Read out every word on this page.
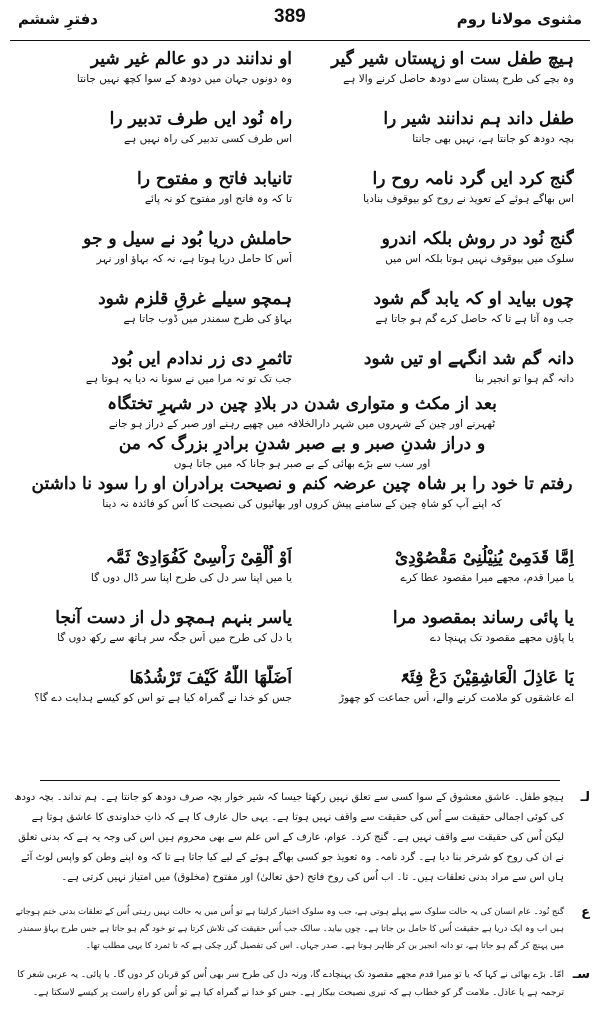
مثنوی مولانا روم
389
دفترِ ششم
ہیچ طفل ست او زپستاں شیر گیر
وہ بچے کی طرح پستان سے دودھ حاصل کرنے والا ہے
طفل داند ہم ندانند شیر را
بچہ دودھ کو جانتا ہے، نہیں بھی جانتا
گنج کرد ایں گرد نامہ روح را
اس بھاگے ہوئے کے تعویذ نے روح کو بیوقوف بنادیا
گنج نُود در روش بلکہ اندرو
سلوک میں بیوقوف نہیں ہوتا بلکہ اس میں
چوں بیاید او کہ یابد گم شود
جب وہ آتا ہے تا کہ حاصل کرے گم ہو جاتا ہے
او ندانند در دو عالم غیر شیر
وہ دونوں جہان میں دودھ کے سوا کچھ نہیں جانتا
راہ نُود ایں طرف تدبیر را
اس طرف کسی تدبیر کی راہ نہیں ہے
تانیابد فاتح و مفتوح را
تا کہ وہ فاتح اور مفتوح کو نہ پائے
حاملش دریا بُود نے سیل و جو
اُس کا حامل دریا ہوتا ہے، نہ کہ بہاؤ اور نہر
ہمچو سیلے غرقِ قلزم شود
بہاؤ کی طرح سمندر میں ڈوب جاتا ہے
دانہ گم شد انگہے او تیں شود
دانہ گم ہوا تو انجیر بنا
تاثمرِ دی زر ندادم ایں بُود
جب تک تو نہ مرا میں نے سونا نہ دیا یہ ہوتا ہے
بعد از مکث و متواری شدن در بلادِ چین در شہرِ تختگاہ
ٹھہرنے اور چین کے شہروں میں شہر دارالخلافہ میں چھپے رہنے اور صبر کے دراز ہو جانے
و دراز شدنِ صبر و بے صبر شدنِ برادرِ بزرگ کہ من
اور سب سے بڑے بھائی کے بے صبر ہو جانا کہ میں جاتا ہوں
رفتم تا خود را بر شاہ چین عرضہ کنم و نصیحت برادران او را سود نا داشتن
کہ اپنے آپ کو شاہِ چین کے سامنے پیش کروں اور بھائیوں کی نصیحت کا اُس کو فائدہ نہ دینا
اِمَّا قَدَمِیْ یُنِیْلُنِیْ مَقْصُوْدِیْ
یا میرا قدم، مجھے میرا مقصود عطا کرے
یا پائی رساند بمقصود مرا
یا پاؤں مجھے مقصود تک پہنچا دے
یَا عَاذِلَ الْعَاشِقِیْنَ دَعْ فِئَۃً
اے عاشقوں کو ملامت کرنے والے، اُس جماعت کو چھوڑ
اَوْ اُلْقِیْ رَاْسِیْ کَفُوَادِیْ ثَمَّہ
یا میں اپنا سر دل کی طرح اپنا سر ڈال دوں گا
یاسر بنہم ہمچو دل از دست آنجا
یا دل کی طرح میں اُس جگہ سر ہاتھ سے رکھ دوں گا
اَضَلَّهَا اللّٰهُ کَیْفَ تَرْشُدُهَا
جس کو خدا نے گمراہ کیا ہے تو اس کو کیسے ہدایت دے گا؟
لـ
ہیچو طفل۔ عاشق معشوق کے سوا کسی سے تعلق نہیں رکھتا جیسا کہ شیر خوار بچہ صرف دودھ کو جانتا ہے۔ ہم نداند۔ بچہ دودھ کی کوئی اجمالی حقیقت سے اُس کی حقیقت سے واقف نہیں ہوتا ہے۔ یہی حال عارف کا ہے کہ ذاتِ خداوندی کا عاشق ہوتا ہے لیکن اُس کی حقیقت سے واقف نہیں ہے۔ گنج کرد۔ عوام، عارف کے اس علم سے بھی محروم ہیں اس کی وجہ یہ ہے کہ بدنی تعلق نے ان کی روح کو شرخر بنا دیا ہے۔ گرد نامہ۔ وہ تعویذ جو کسی بھاگے ہوئے کے لیے کیا جاتا ہے تا کہ وہ اپنے وطن کو واپس لوٹ آئے ہاں اس سے مراد بدنی تعلقات ہیں۔ تا۔ اب اُس کی روح فاتح (حق تعالیٰ) اور مفتوح (مخلوق) میں امتیاز نہیں کرتی ہے۔
ع
گنج نُود۔ عام انسان کی یہ حالت سلوک سے پہلے ہوتی ہے، جب وہ سلوک اختیار کرلیتا ہے تو اُس میں یہ حالت نہیں رہتی اُس کے تعلقات بدنی ختم ہوجاتے ہیں اب وہ ایک دریا ہے حقیقت اُس کا حامل بن جاتا ہے۔ چوں بیاید۔ سالک جب اُس حقیقت کی تلاش کرتا ہے تو خود گم ہو جاتا ہے جس طرح بہاؤ سمندر میں پہنچ کر گم ہو جاتا ہے، تو دانہ انجیر بن کر ظاہر ہوتا ہے۔ صدر جہاں۔ اس کی تفصیل گزر چکی ہے کہ تا ثمرد کا یہی مطلب تھا۔
سـ
امّا۔ بڑے بھائی نے کہا کہ یا تو میرا قدم مجھے مقصود تک پہنچادے گا، ورنہ دل کی طرح سر بھی اُس کو قربان کر دوں گا۔ یا پائی۔ یہ عربی شعر کا ترجمہ ہے یا عاذل۔ ملامت گر کو خطاب ہے کہ تیری نصیحت بیکار ہے۔ جس کو خدا نے گمراہ کیا ہے تو اُس کو راہِ راست پر کیسے لاسکتا ہے۔
